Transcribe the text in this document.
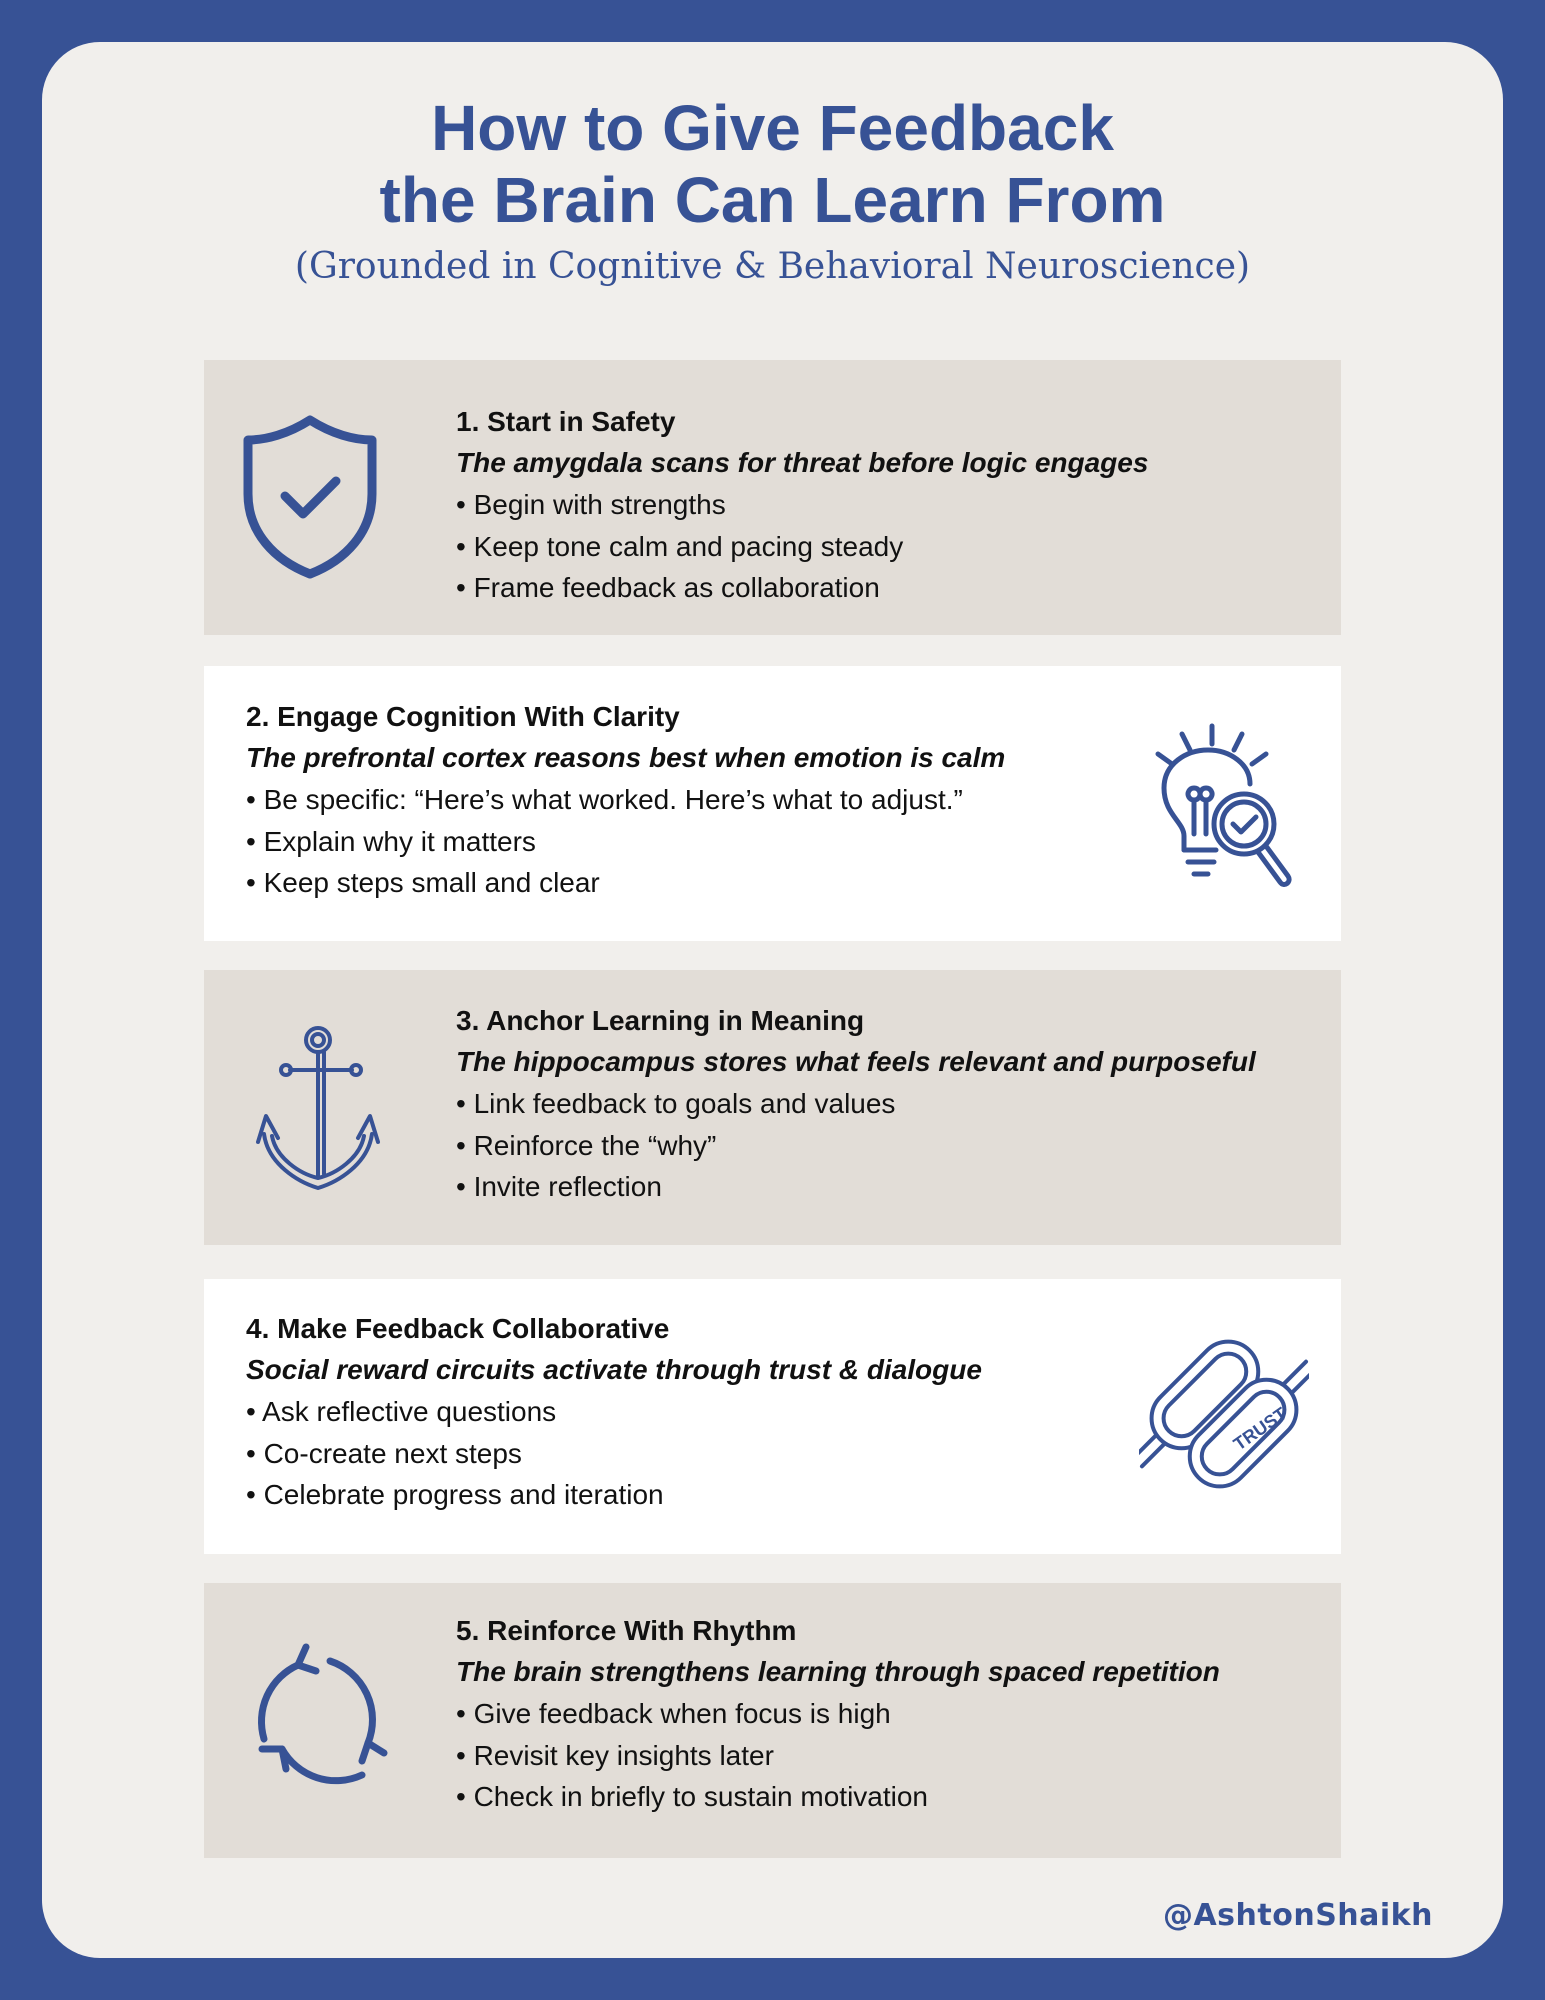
How to Give Feedback
the Brain Can Learn From

(Grounded in Cognitive & Behavioral Neuroscience)

1. Start in Safety
The amygdala scans for threat before logic engages
• Begin with strengths
• Keep tone calm and pacing steady
• Frame feedback as collaboration
2. Engage Cognition With Clarity
The prefrontal cortex reasons best when emotion is calm
• Be specific: “Here’s what worked. Here’s what to adjust.”
• Explain why it matters
• Keep steps small and clear
3. Anchor Learning in Meaning
The hippocampus stores what feels relevant and purposeful
• Link feedback to goals and values
• Reinforce the “why”
• Invite reflection
4. Make Feedback Collaborative
Social reward circuits activate through trust & dialogue
• Ask reflective questions
• Co-create next steps
• Celebrate progress and iteration
TRUST
5. Reinforce With Rhythm
The brain strengthens learning through spaced repetition
• Give feedback when focus is high
• Revisit key insights later
• Check in briefly to sustain motivation
@AshtonShaikh
